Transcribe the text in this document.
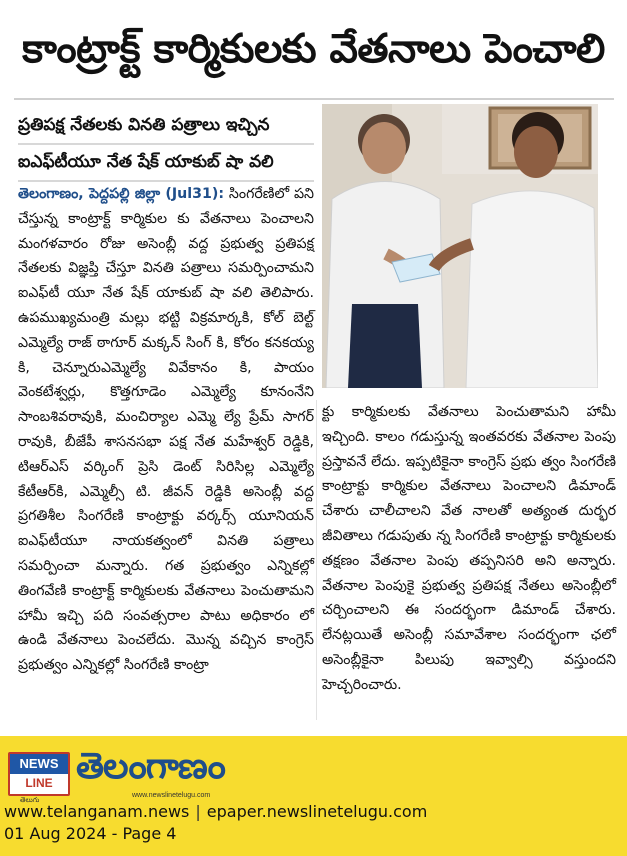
కాంట్రాక్ట్ కార్మికులకు వేతనాలు పెంచాలి
ప్రతిపక్ష నేతలకు వినతి పత్రాలు ఇచ్చిన
ఐఎఫ్‌టీయూ నేత షేక్ యాకుబ్ షా వలి

తెలంగాణం, పెద్దపల్లి జిల్లా (Jul31): సింగరేణిలో పని చేస్తున్న కాంట్రాక్ట్ కార్మికుల కు వేతనాలు పెంచాలని మంగళవారం రోజు అసెంబ్లీ వద్ద ప్రభుత్వ ప్రతిపక్ష నేతలకు విజ్ఞప్తి చేస్తూ వినతి పత్రాలు సమర్పించామని ఐఎఫ్‌టీ యూ నేత షేక్ యాకుబ్ షా వలి తెలిపారు. ఉపముఖ్యమంత్రి మల్లు భట్టి విక్రమార్కకి, కోల్ బెల్ట్ ఎమ్మెల్యే రాజ్ ఠాగూర్ మక్కన్ సింగ్ కి, కోరం కనకయ్య కి, చెన్నూరుఎమ్మెల్యే వివేకానం కి, పాయం వెంకటేశ్వర్లు, కొత్తగూడెం ఎమ్మెల్యే కూనంనేని సాంబశివరావుకి, మంచిర్యాల ఎమ్మె ల్యే ప్రేమ్ సాగర్ రావుకి, బీజేపీ శాసనసభా పక్ష నేత మహేశ్వర్ రెడ్డికి, టిఆర్ఎస్ వర్కింగ్ ప్రెసి డెంట్ సిరిసిల్ల ఎమ్మెల్యే కేటీఆర్‌కి, ఎమ్మెల్సీ టి. జీవన్ రెడ్డికి అసెంబ్లీ వద్ద ప్రగతిశీల సింగరేణి కాంట్రాక్టు వర్కర్స్ యూనియన్ ఐఎఫ్‌టీయూ నాయకత్వంలో వినతి పత్రాలు సమర్పించా మన్నారు. గత ప్రభుత్వం ఎన్నికల్లో తింగవేణి కాంట్రాక్ట్ కార్మికులకు వేతనాలు పెంచుతామని హామీ ఇచ్చి పది సంవత్సరాల పాటు అధికారం లో ఉండి వేతనాలు పెంచలేదు. మొన్న వచ్చిన కాంగ్రెస్ ప్రభుత్వం ఎన్నికల్లో సింగరేణి కాంట్రా

క్టు కార్మికులకు వేతనాలు పెంచుతామని హామీ ఇచ్చింది. కాలం గడుస్తున్న ఇంతవరకు వేతనాల పెంపు ప్రస్తావనే లేదు. ఇప్పటికైనా కాంగ్రెస్ ప్రభు త్వం సింగరేణి కాంట్రాక్టు కార్మికుల వేతనాలు పెంచాలని డిమాండ్ చేశారు చాలీచాలని వేత నాలతో అత్యంత దుర్భర జీవితాలు గడుపుతు న్న సింగరేణి కాంట్రాక్టు కార్మికులకు తక్షణం వేతనాల పెంపు తప్పనిసరి అని అన్నారు. వేతనాల పెంపుకై ప్రభుత్వ ప్రతిపక్ష నేతలు అసెంబ్లీలో చర్చించాలని ఈ సందర్భంగా డిమాండ్ చేశారు. లేనట్లయితే అసెంబ్లీ సమావేశాల సందర్భంగా ఛలో అసెంబ్లీకైనా పిలుపు ఇవ్వాల్సి వస్తుందని హెచ్చరించారు.

NEWS
LINE
తెలుగు
తెలంగాణం
www.newslinetelugu.com
www.telanganam.news | epaper.newslinetelugu.com
01 Aug 2024 - Page 4
